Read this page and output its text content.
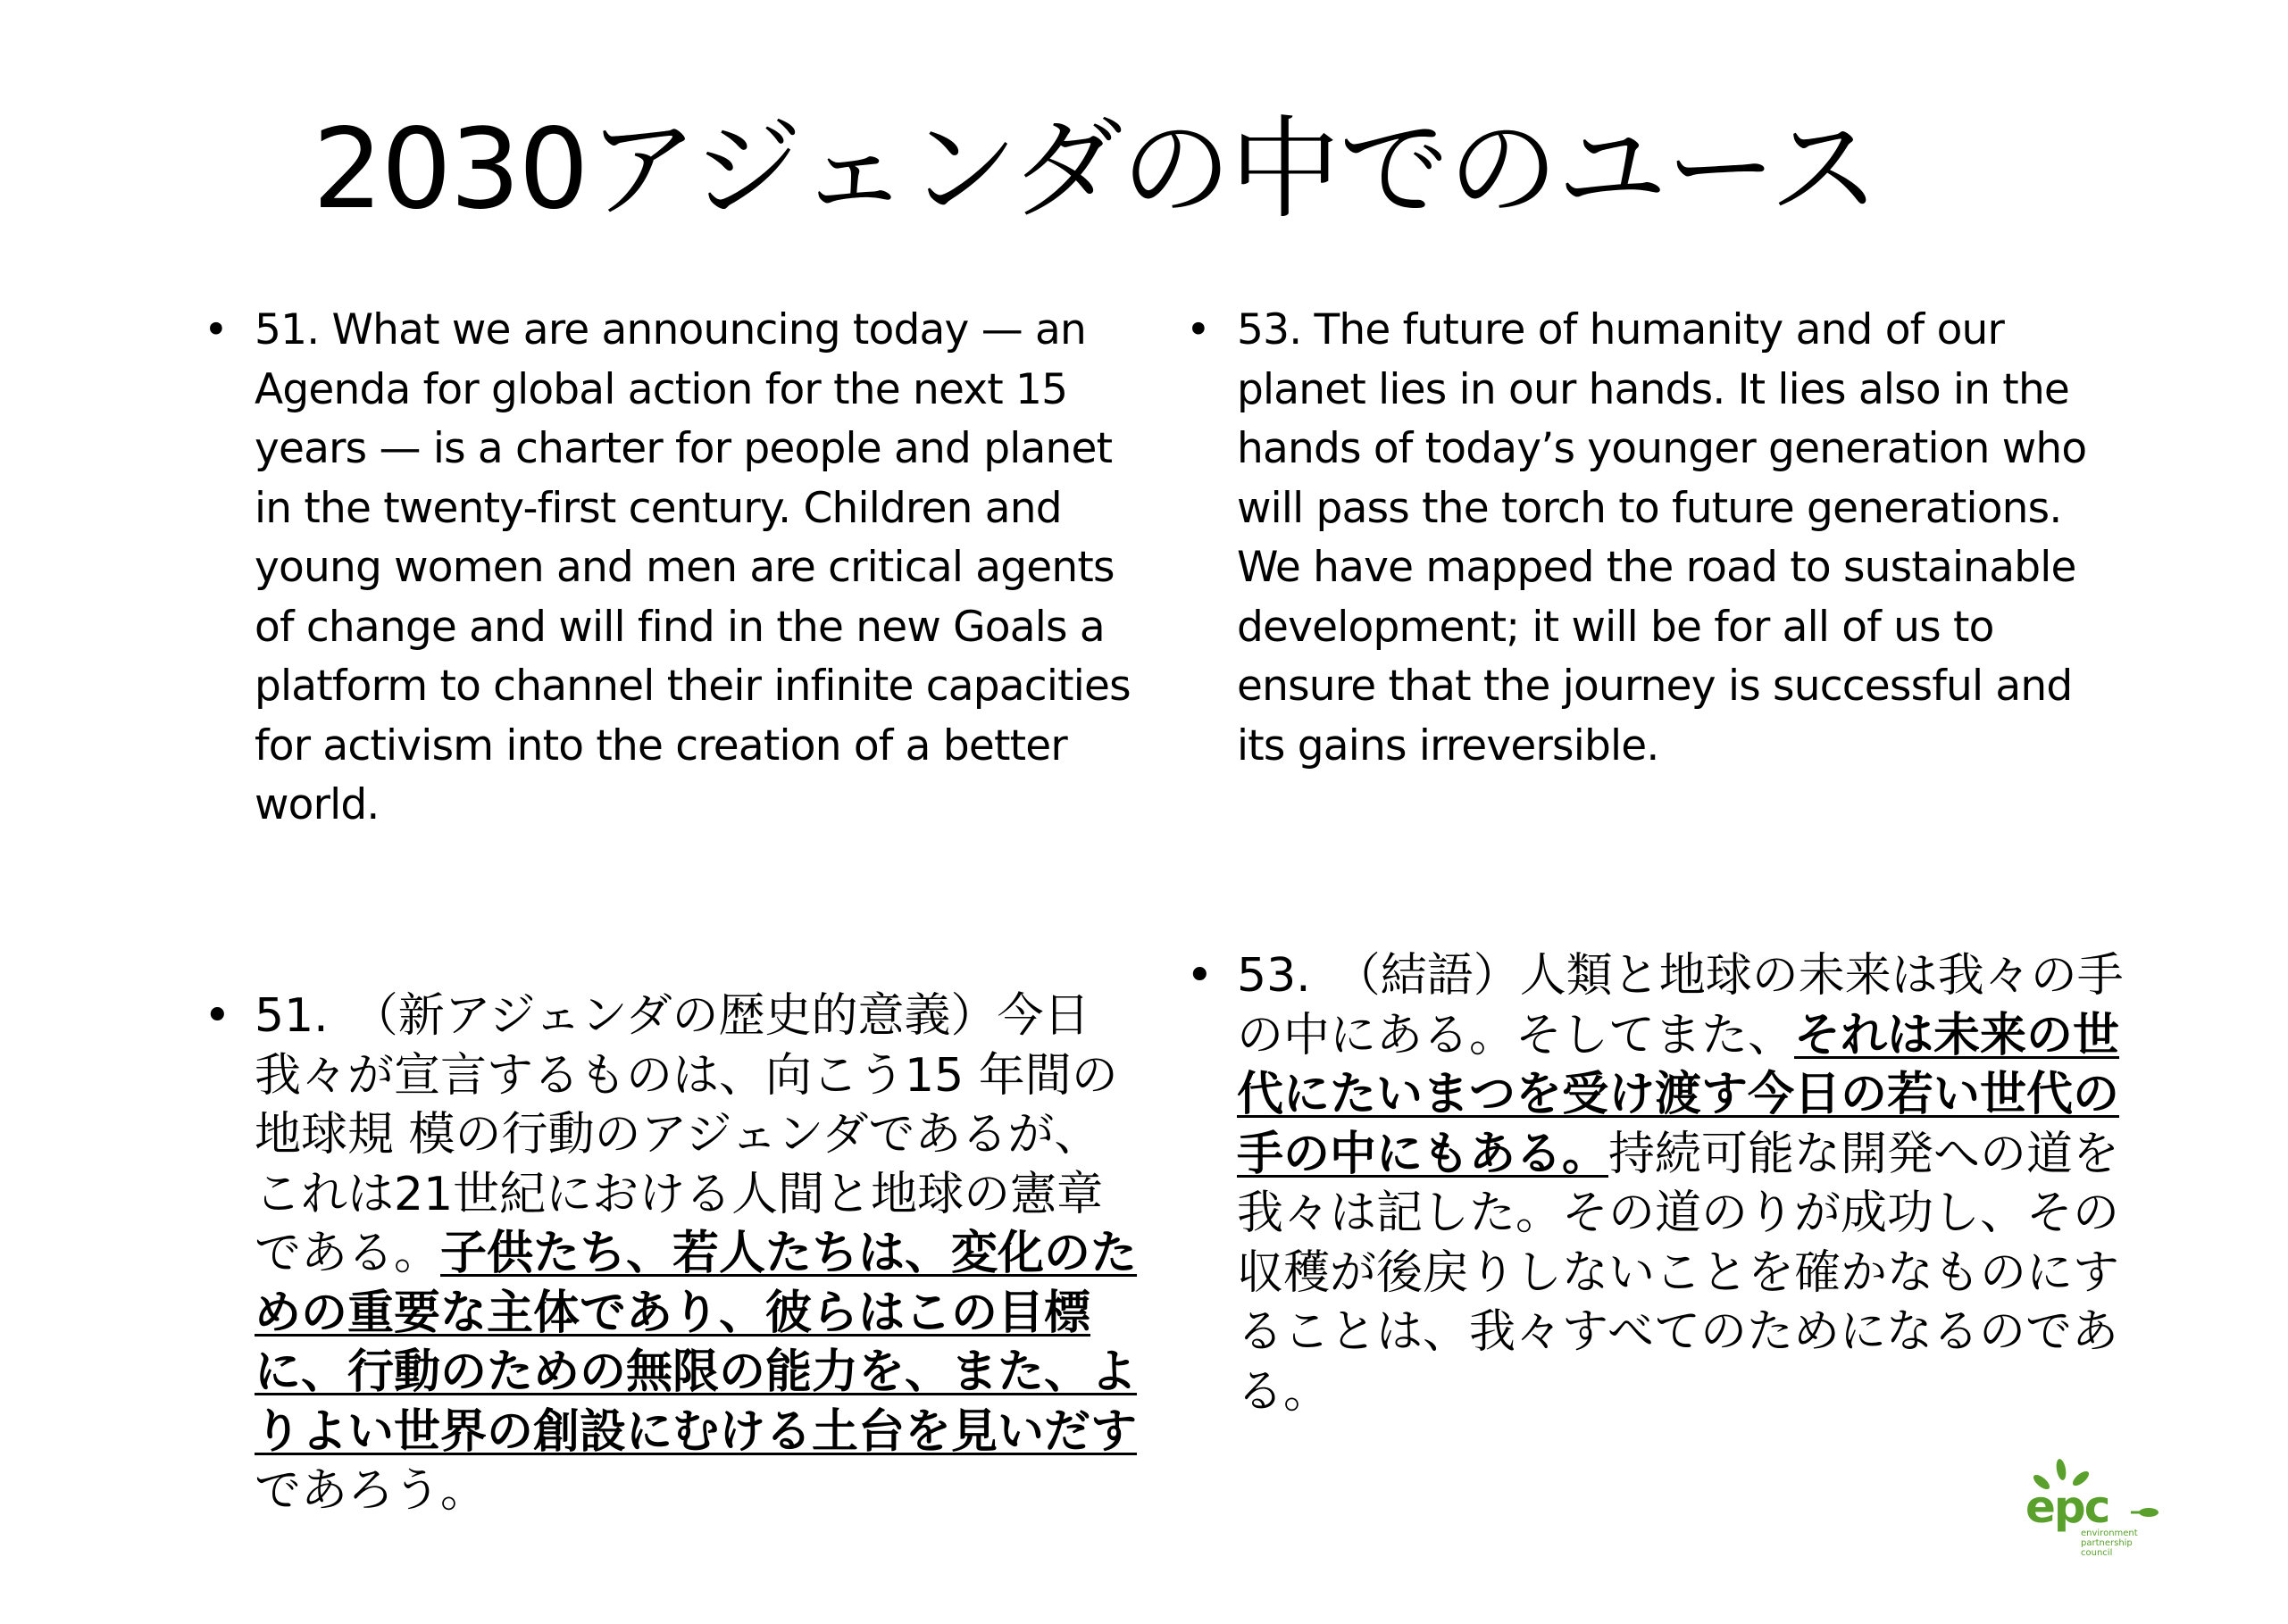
2030アジェンダの中でのユース
• 51. What we are announcing today — an Agenda for global action for the next 15 years — is a charter for people and planet in the twenty-first century. Children and young women and men are critical agents of change and will find in the new Goals a platform to channel their infinite capacities for activism into the creation of a better world.
• 51.　（新アジェンダの歴史的意義）今日我々が宣言するものは、向こう15 年間の地球規 模の行動のアジェンダであるが、これは21世紀における人間と地球の憲章である。子供たち、若人たちは、変化のための重要な主体であり、彼らはこの目標に、行動のための無限の能力を、また、よりよい世界の創設にむける土台を見いだすであろう。
• 53. The future of humanity and of our planet lies in our hands. It lies also in the hands of today’s younger generation who will pass the torch to future generations. We have mapped the road to sustainable development; it will be for all of us to ensure that the journey is successful and its gains irreversible.
• 53.　（結語）人類と地球の未来は我々の手の中にある。そしてまた、それは未来の世代にたいまつを受け渡す今日の若い世代の手の中にもある。持続可能な開発への道を我々は記した。その道のりが成功し、その収穫が後戻りしないことを確かなものにすることは、我々すべてのためになるのである。
epc
environment
partnership
council
